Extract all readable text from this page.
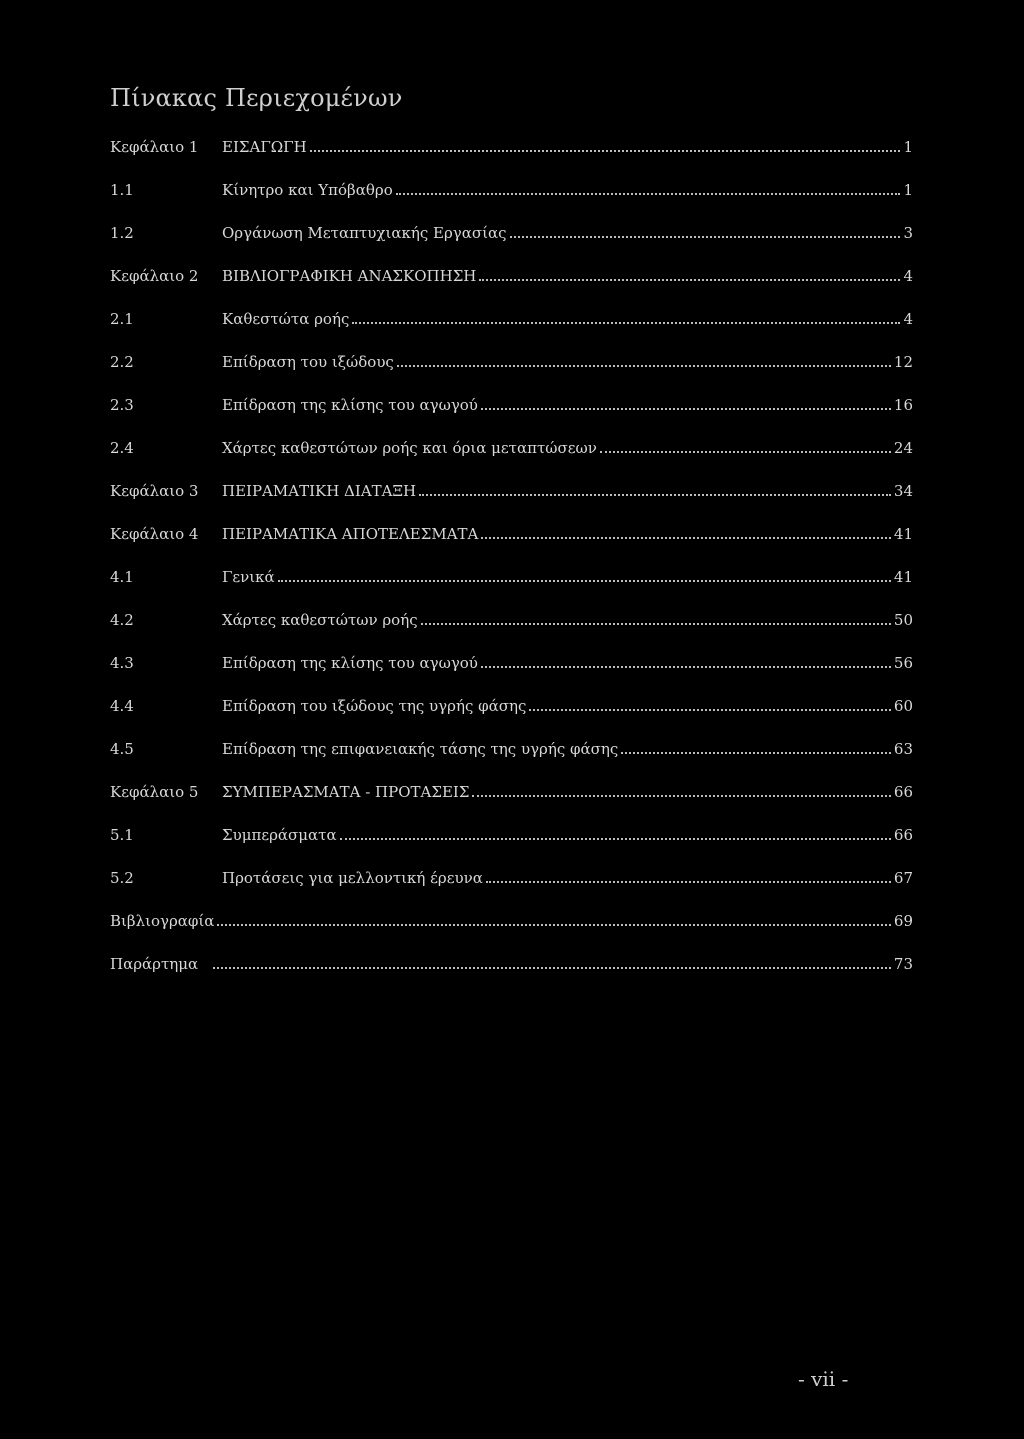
Πίνακας Περιεχομένων
Κεφάλαιο 1	ΕΙΣΑΓΩΓΗ	1
1.1	Κίνητρο και Υπόβαθρο	1
1.2	Οργάνωση Μεταπτυχιακής Εργασίας	3
Κεφάλαιο 2	ΒΙΒΛΙΟΓΡΑΦΙΚΗ ΑΝΑΣΚΟΠΗΣΗ	4
2.1	Καθεστώτα ροής	4
2.2	Επίδραση του ιξώδους	12
2.3	Επίδραση της κλίσης του αγωγού	16
2.4	Χάρτες καθεστώτων ροής και όρια μεταπτώσεων	24
Κεφάλαιο 3	ΠΕΙΡΑΜΑΤΙΚΗ ΔΙΑΤΑΞΗ	34
Κεφάλαιο 4	ΠΕΙΡΑΜΑΤΙΚΑ ΑΠΟΤΕΛΕΣΜΑΤΑ	41
4.1	Γενικά	41
4.2	Χάρτες καθεστώτων ροής	50
4.3	Επίδραση της κλίσης του αγωγού	56
4.4	Επίδραση του ιξώδους της υγρής φάσης	60
4.5	Επίδραση της επιφανειακής τάσης της υγρής φάσης	63
Κεφάλαιο 5	ΣΥΜΠΕΡΑΣΜΑΤΑ - ΠΡΟΤΑΣΕΙΣ	66
5.1	Συμπεράσματα	66
5.2	Προτάσεις για μελλοντική έρευνα	67
Βιβλιογραφία	69
Παράρτημα	73
- vii -
